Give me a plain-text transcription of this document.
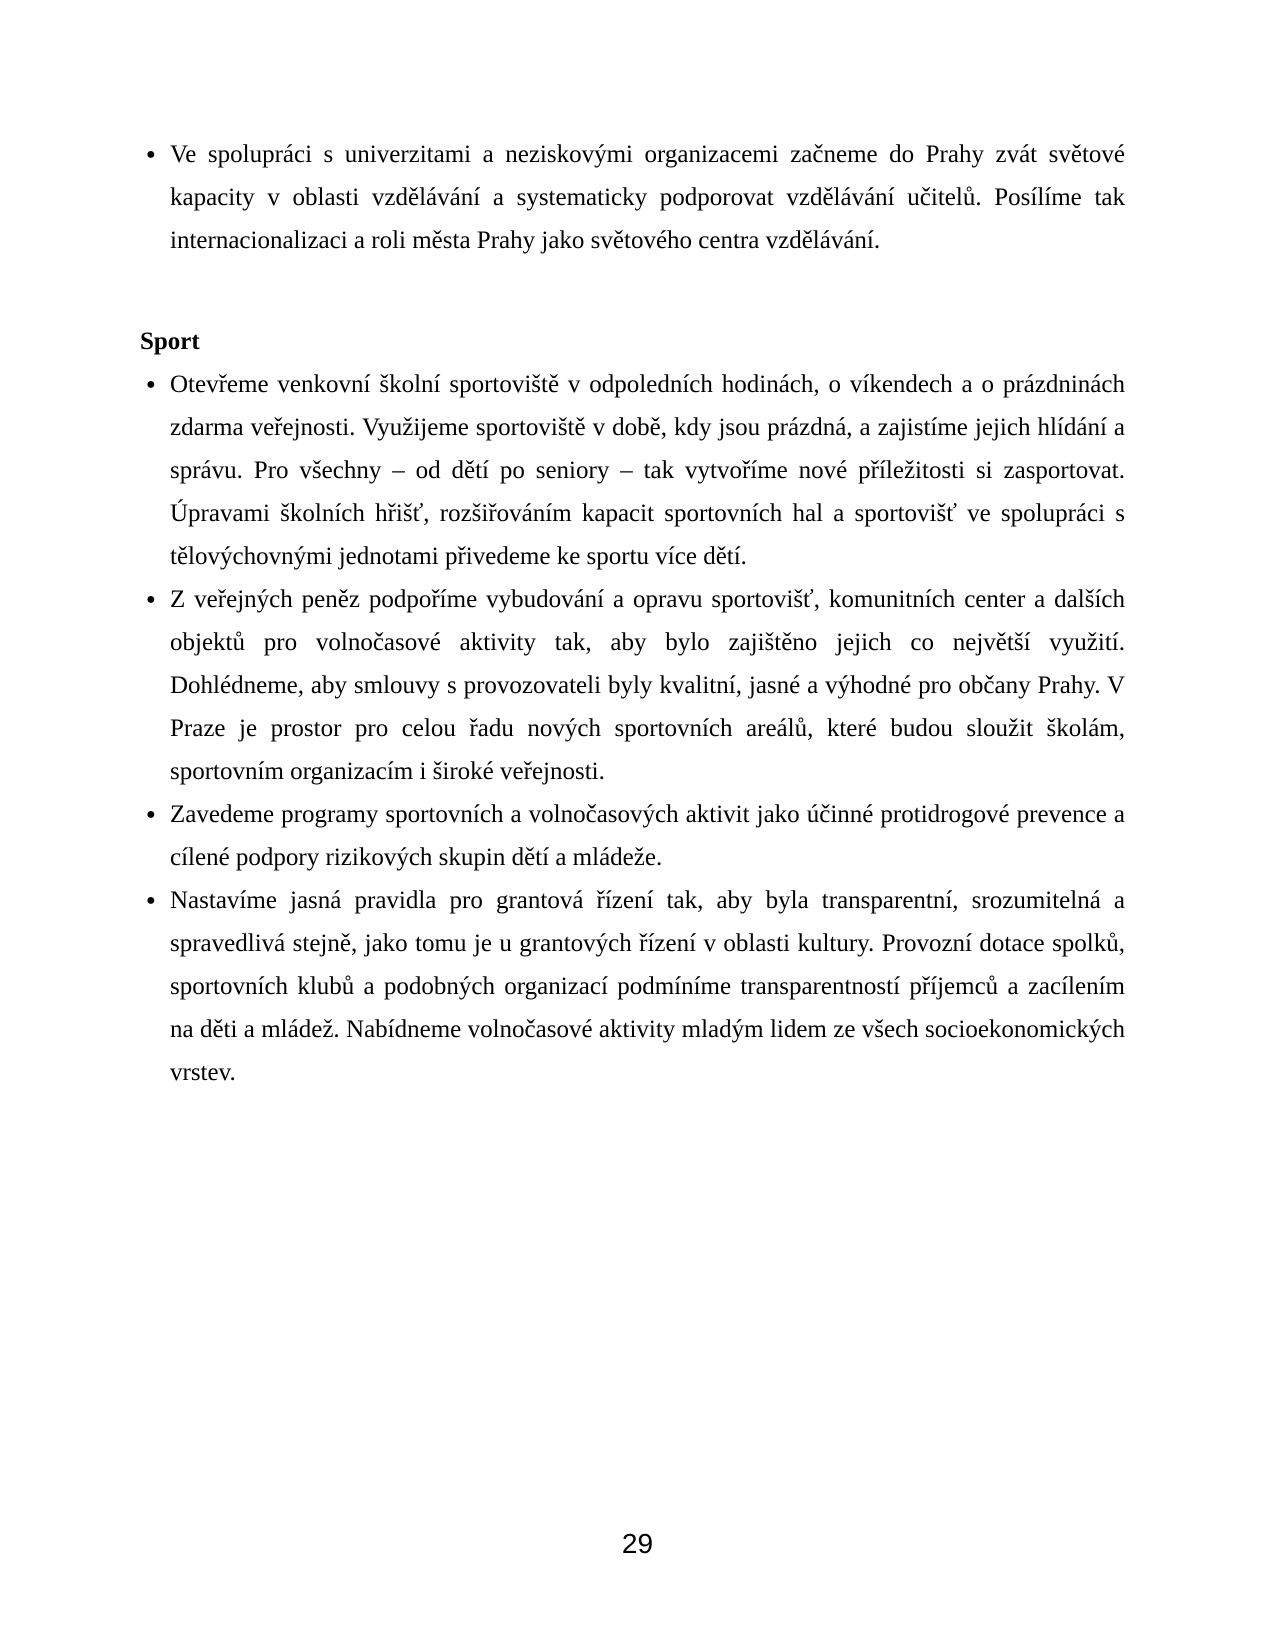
● Ve spolupráci s univerzitami a neziskovými organizacemi začneme do Prahy zvát světové kapacity v oblasti vzdělávání a systematicky podporovat vzdělávání učitelů. Posílíme tak internacionalizaci a roli města Prahy jako světového centra vzdělávání.
Sport
● Otevřeme venkovní školní sportoviště v odpoledních hodinách, o víkendech a o prázdninách zdarma veřejnosti. Využijeme sportoviště v době, kdy jsou prázdná, a zajistíme jejich hlídání a správu. Pro všechny – od dětí po seniory – tak vytvoříme nové příležitosti si zasportovat. Úpravami školních hřišť, rozšiřováním kapacit sportovních hal a sportovišť ve spolupráci s tělovýchovnými jednotami přivedeme ke sportu více dětí.
● Z veřejných peněz podpoříme vybudování a opravu sportovišť, komunitních center a dalších objektů pro volnočasové aktivity tak, aby bylo zajištěno jejich co největší využití. Dohlédneme, aby smlouvy s provozovateli byly kvalitní, jasné a výhodné pro občany Prahy. V Praze je prostor pro celou řadu nových sportovních areálů, které budou sloužit školám, sportovním organizacím i široké veřejnosti.
● Zavedeme programy sportovních a volnočasových aktivit jako účinné protidrogové prevence a cílené podpory rizikových skupin dětí a mládeže.
● Nastavíme jasná pravidla pro grantová řízení tak, aby byla transparentní, srozumitelná a spravedlivá stejně, jako tomu je u grantových řízení v oblasti kultury. Provozní dotace spolků, sportovních klubů a podobných organizací podmíníme transparentností příjemců a zacílením na děti a mládež. Nabídneme volnočasové aktivity mladým lidem ze všech socioekonomických vrstev.
29
